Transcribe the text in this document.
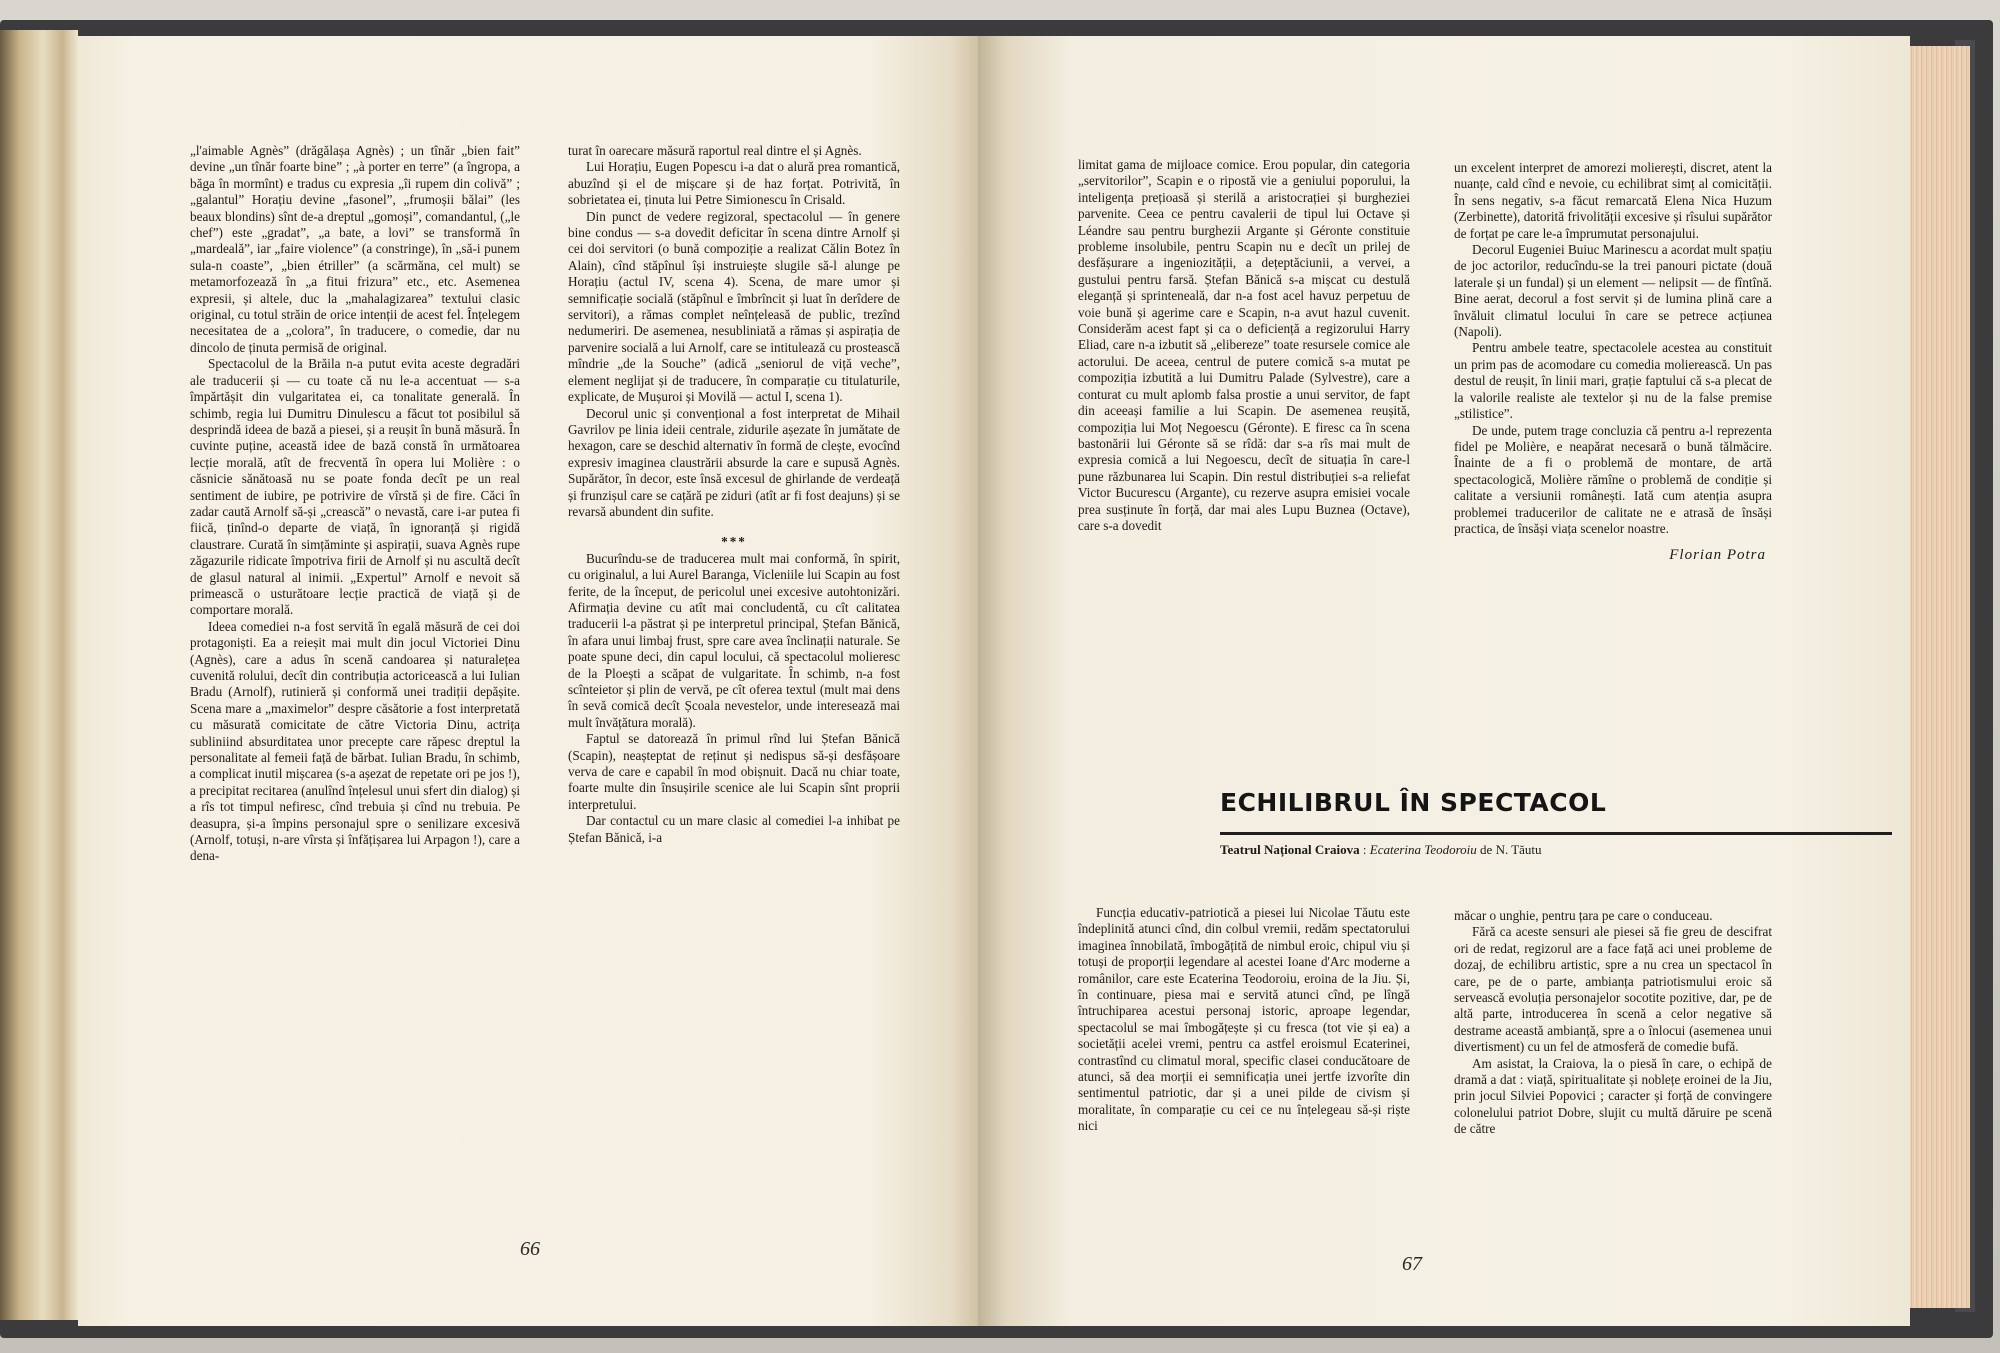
„l'aimable Agnès” (drăgălașa Agnès) ; un tînăr „bien fait” devine „un tînăr foarte bine” ; „à porter en terre” (a îngropa, a băga în mormînt) e tradus cu expresia „îi rupem din colivă” ; „galantul” Horațiu devine „fasonel”, „frumoșii bălai” (les beaux blondins) sînt de-a dreptul „gomoși”, comandantul, („le chef”) este „gradat”, „a bate, a lovi” se transformă în „mardeală”, iar „faire violence” (a constringe), în „să-i punem sula-n coaste”, „bien étriller” (a scărmăna, cel mult) se metamorfozează în „a fitui frizura” etc., etc. Asemenea expresii, și altele, duc la „mahalagizarea” textului clasic original, cu totul străin de orice intenții de acest fel. Înțelegem necesitatea de a „colora”, în traducere, o comedie, dar nu dincolo de ținuta permisă de original.

Spectacolul de la Brăila n-a putut evita aceste degradări ale traducerii și — cu toate că nu le-a accentuat — s-a împărtășit din vulgaritatea ei, ca tonalitate generală. În schimb, regia lui Dumitru Dinulescu a făcut tot posibilul să desprindă ideea de bază a piesei, și a reușit în bună măsură. În cuvinte puține, această idee de bază constă în următoarea lecție morală, atît de frecventă în opera lui Molière : o căsnicie sănătoasă nu se poate fonda decît pe un real sentiment de iubire, pe potrivire de vîrstă și de fire. Căci în zadar caută Arnolf să-și „crească” o nevastă, care i-ar putea fi fiică, ținînd-o departe de viață, în ignoranță și rigidă claustrare. Curată în simțăminte și aspirații, suava Agnès rupe zăgazurile ridicate împotriva firii de Arnolf și nu ascultă decît de glasul natural al inimii. „Expertul” Arnolf e nevoit să primească o usturătoare lecție practică de viață și de comportare morală.

Ideea comediei n-a fost servită în egală măsură de cei doi protagoniști. Ea a reieșit mai mult din jocul Victoriei Dinu (Agnès), care a adus în scenă candoarea și naturalețea cuvenită rolului, decît din contribuția actoricească a lui Iulian Bradu (Arnolf), rutinieră și conformă unei tradiții depășite. Scena mare a „maximelor” despre căsătorie a fost interpretată cu măsurată comicitate de către Victoria Dinu, actrița subliniind absurditatea unor precepte care răpesc dreptul la personalitate al femeii față de bărbat. Iulian Bradu, în schimb, a complicat inutil mișcarea (s-a așezat de repetate ori pe jos !), a precipitat recitarea (anulînd înțelesul unui sfert din dialog) și a rîs tot timpul nefiresc, cînd trebuia și cînd nu trebuia. Pe deasupra, și-a împins personajul spre o senilizare excesivă (Arnolf, totuși, n-are vîrsta și înfățișarea lui Arpagon !), care a dena-

turat în oarecare măsură raportul real dintre el și Agnès.

Lui Horațiu, Eugen Popescu i-a dat o alură prea romantică, abuzînd și el de mișcare și de haz forțat. Potrivită, în sobrietatea ei, ținuta lui Petre Simionescu în Crisald.

Din punct de vedere regizoral, spectacolul — în genere bine condus — s-a dovedit deficitar în scena dintre Arnolf și cei doi servitori (o bună compoziție a realizat Călin Botez în Alain), cînd stăpînul își instruiește slugile să-l alunge pe Horațiu (actul IV, scena 4). Scena, de mare umor și semnificație socială (stăpînul e îmbrîncit și luat în derîdere de servitori), a rămas complet neînțeleasă de public, trezînd nedumeriri. De asemenea, nesubliniată a rămas și aspirația de parvenire socială a lui Arnolf, care se intitulează cu prostească mîndrie „de la Souche” (adică „seniorul de viță veche”, element neglijat și de traducere, în comparație cu titulaturile, explicate, de Mușuroi și Movilă — actul I, scena 1).

Decorul unic și convențional a fost interpretat de Mihail Gavrilov pe linia ideii centrale, zidurile așezate în jumătate de hexagon, care se deschid alternativ în formă de clește, evocînd expresiv imaginea claustrării absurde la care e supusă Agnès. Supărător, în decor, este însă excesul de ghirlande de verdeață și frunzișul care se cațără pe ziduri (atît ar fi fost deajuns) și se revarsă abundent din sufite.

***

Bucurîndu-se de traducerea mult mai conformă, în spirit, cu originalul, a lui Aurel Baranga, Vicleniile lui Scapin au fost ferite, de la început, de pericolul unei excesive autohtonizări. Afirmația devine cu atît mai concludentă, cu cît calitatea traducerii l-a păstrat și pe interpretul principal, Ștefan Bănică, în afara unui limbaj frust, spre care avea înclinații naturale. Se poate spune deci, din capul locului, că spectacolul molieresc de la Ploești a scăpat de vulgaritate. În schimb, n-a fost scînteietor și plin de vervă, pe cît oferea textul (mult mai dens în sevă comică decît Școala nevestelor, unde interesează mai mult învățătura morală).

Faptul se datorează în primul rînd lui Ștefan Bănică (Scapin), neașteptat de reținut și nedispus să-și desfășoare verva de care e capabil în mod obișnuit. Dacă nu chiar toate, foarte multe din însușirile scenice ale lui Scapin sînt proprii interpretului.

Dar contactul cu un mare clasic al comediei l-a inhibat pe Ștefan Bănică, i-a

66

limitat gama de mijloace comice. Erou popular, din categoria „servitorilor”, Scapin e o ripostă vie a geniului poporului, la inteligența prețioasă și sterilă a aristocrației și burgheziei parvenite. Ceea ce pentru cavalerii de tipul lui Octave și Léandre sau pentru burghezii Argante și Géronte constituie probleme insolubile, pentru Scapin nu e decît un prilej de desfășurare a ingeniozității, a dețeptăciunii, a vervei, a gustului pentru farsă. Ștefan Bănică s-a mișcat cu destulă eleganță și sprinteneală, dar n-a fost acel havuz perpetuu de voie bună și agerime care e Scapin, n-a avut hazul cuvenit. Considerăm acest fapt și ca o deficiență a regizorului Harry Eliad, care n-a izbutit să „elibereze” toate resursele comice ale actorului. De aceea, centrul de putere comică s-a mutat pe compoziția izbutită a lui Dumitru Palade (Sylvestre), care a conturat cu mult aplomb falsa prostie a unui servitor, de fapt din aceeași familie a lui Scapin. De asemenea reușită, compoziția lui Moț Negoescu (Géronte). E firesc ca în scena bastonării lui Géronte să se rîdă: dar s-a rîs mai mult de expresia comică a lui Negoescu, decît de situația în care-l pune răzbunarea lui Scapin. Din restul distribuției s-a reliefat Victor Bucurescu (Argante), cu rezerve asupra emisiei vocale prea susținute în forță, dar mai ales Lupu Buznea (Octave), care s-a dovedit

un excelent interpret de amorezi molierești, discret, atent la nuanțe, cald cînd e nevoie, cu echilibrat simț al comicității. În sens negativ, s-a făcut remarcată Elena Nica Huzum (Zerbinette), datorită frivolității excesive și rîsului supărător de forțat pe care le-a împrumutat personajului.

Decorul Eugeniei Buiuc Marinescu a acordat mult spațiu de joc actorilor, reducîndu-se la trei panouri pictate (două laterale și un fundal) și un element — nelipsit — de fîntînă. Bine aerat, decorul a fost servit și de lumina plină care a învăluit climatul locului în care se petrece acțiunea (Napoli).

Pentru ambele teatre, spectacolele acestea au constituit un prim pas de acomodare cu comedia molierească. Un pas destul de reușit, în linii mari, grație faptului că s-a plecat de la valorile realiste ale textelor și nu de la false premise „stilistice”.

De unde, putem trage concluzia că pentru a-l reprezenta fidel pe Molière, e neapărat necesară o bună tălmăcire. Înainte de a fi o problemă de montare, de artă spectacologică, Molière rămîne o problemă de condiție și calitate a versiunii românești. Iată cum atenția asupra problemei traducerilor de calitate ne e atrasă de însăși practica, de însăși viața scenelor noastre.

Florian Potra

ECHILIBRUL ÎN SPECTACOL
Teatrul Național Craiova : Ecaterina Teodoroiu de N. Tăutu

Funcția educativ-patriotică a piesei lui Nicolae Tăutu este îndeplinită atunci cînd, din colbul vremii, redăm spectatorului imaginea înnobilată, îmbogățită de nimbul eroic, chipul viu și totuși de proporții legendare al acestei Ioane d'Arc moderne a românilor, care este Ecaterina Teodoroiu, eroina de la Jiu. Și, în continuare, piesa mai e servită atunci cînd, pe lîngă întruchiparea acestui personaj istoric, aproape legendar, spectacolul se mai îmbogățește și cu fresca (tot vie și ea) a societății acelei vremi, pentru ca astfel eroismul Ecaterinei, contrastînd cu climatul moral, specific clasei conducătoare de atunci, să dea morții ei semnificația unei jertfe izvorîte din sentimentul patriotic, dar și a unei pilde de civism și moralitate, în comparație cu cei ce nu înțelegeau să-și riște nici

măcar o unghie, pentru țara pe care o conduceau.

Fără ca aceste sensuri ale piesei să fie greu de descifrat ori de redat, regizorul are a face față aci unei probleme de dozaj, de echilibru artistic, spre a nu crea un spectacol în care, pe de o parte, ambianța patriotismului eroic să servească evoluția personajelor socotite pozitive, dar, pe de altă parte, introducerea în scenă a celor negative să destrame această ambianță, spre a o înlocui (asemenea unui divertisment) cu un fel de atmosferă de comedie bufă.

Am asistat, la Craiova, la o piesă în care, o echipă de dramă a dat : viață, spiritualitate și noblețe eroinei de la Jiu, prin jocul Silviei Popovici ; caracter și forță de convingere colonelului patriot Dobre, slujit cu multă dăruire pe scenă de către

67
